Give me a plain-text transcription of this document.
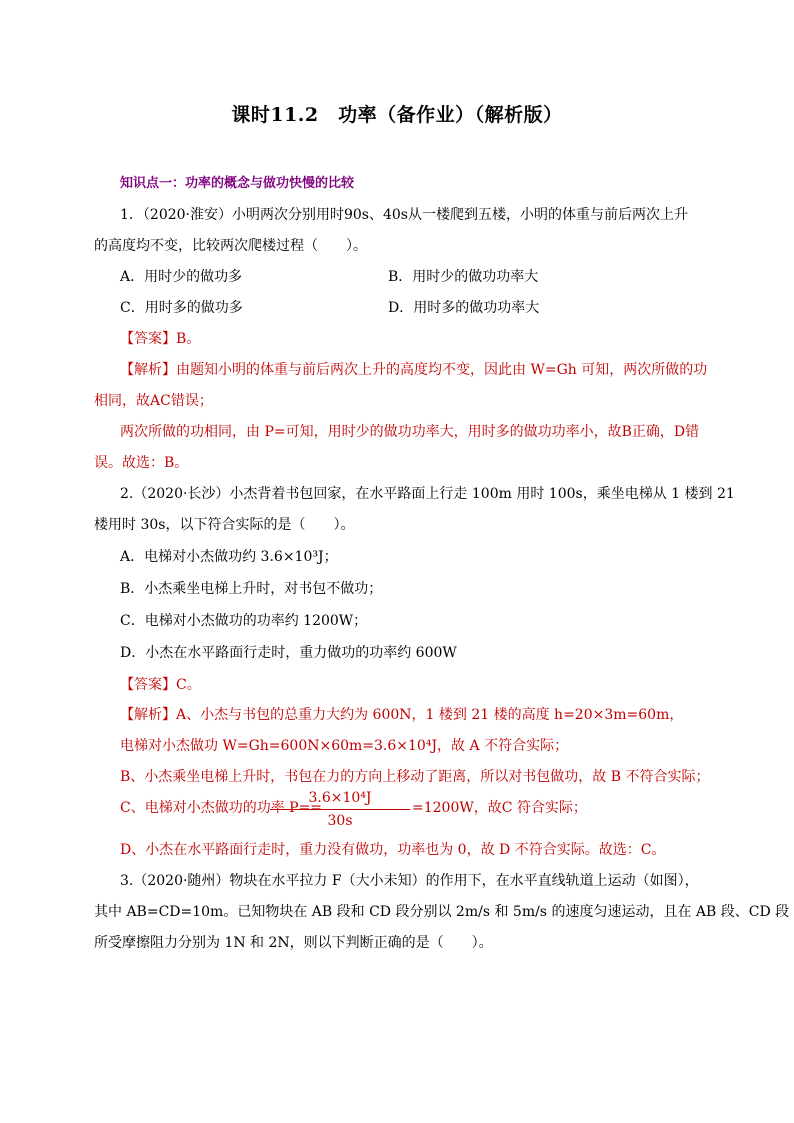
课时11.2　功率（备作业）（解析版）
知识点一：功率的概念与做功快慢的比较
1．（2020·淮安）小明两次分别用时90s、40s从一楼爬到五楼，小明的体重与前后两次上升
的高度均不变，比较两次爬楼过程（　　）。
A．用时少的做功多	B．用时少的做功功率大
C．用时多的做功多	D．用时多的做功功率大
【答案】B。
【解析】由题知小明的体重与前后两次上升的高度均不变，因此由 W=Gh 可知，两次所做的功
相同，故AC错误；
两次所做的功相同，由 P=可知，用时少的做功功率大，用时多的做功功率小，故B正确，D错
误。故选：B。
2.（2020·长沙）小杰背着书包回家，在水平路面上行走 100m 用时 100s，乘坐电梯从 1 楼到 21
楼用时 30s，以下符合实际的是（　　）。
A．电梯对小杰做功约 3.6×10³J；
B．小杰乘坐电梯上升时，对书包不做功；
C．电梯对小杰做功的功率约 1200W；
D．小杰在水平路面行走时，重力做功的功率约 600W
【答案】C。
【解析】A、小杰与书包的总重力大约为 600N，1 楼到 21 楼的高度 h=20×3m=60m，
电梯对小杰做功 W=Gh=600N×60m=3.6×10⁴J，故 A 不符合实际；
B、小杰乘坐电梯上升时，书包在力的方向上移动了距离，所以对书包做功，故 B 不符合实际；
C、电梯对小杰做功的功率 P==
$\frac{\text{3.6×10⁴J}}{30s} =1200W$，故C 符合实际；
D、小杰在水平路面行走时，重力没有做功，功率也为 0，故 D 不符合实际。故选：C。
3.（2020·随州）物块在水平拉力 F（大小未知）的作用下，在水平直线轨道上运动（如图），
其中 AB=CD=10m。已知物块在 AB 段和 CD 段分别以 2m/s 和 5m/s 的速度匀速运动，且在 AB 段、CD 段
所受摩擦阻力分别为 1N 和 2N，则以下判断正确的是（　　）。
